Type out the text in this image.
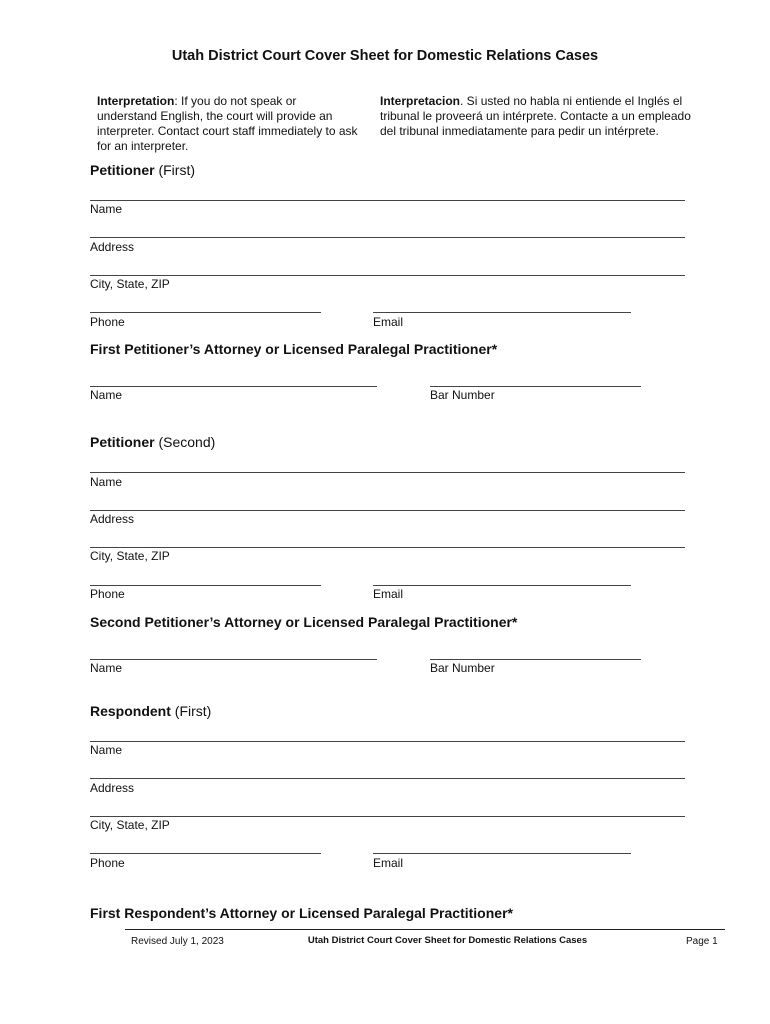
Utah District Court Cover Sheet for Domestic Relations Cases
Interpretation: If you do not speak or understand English, the court will provide an interpreter. Contact court staff immediately to ask for an interpreter.
Interpretacion. Si usted no habla ni entiende el Inglés el tribunal le proveerá un intérprete. Contacte a un empleado del tribunal inmediatamente para pedir un intérprete.
Petitioner (First)
Name
Address
City, State, ZIP
Phone	Email
First Petitioner’s Attorney or Licensed Paralegal Practitioner*
Name	Bar Number
Petitioner (Second)
Name
Address
City, State, ZIP
Phone	Email
Second Petitioner’s Attorney or Licensed Paralegal Practitioner*
Name	Bar Number
Respondent (First)
Name
Address
City, State, ZIP
Phone	Email
First Respondent’s Attorney or Licensed Paralegal Practitioner*
Revised July 1, 2023	Utah District Court Cover Sheet for Domestic Relations Cases	Page 1
